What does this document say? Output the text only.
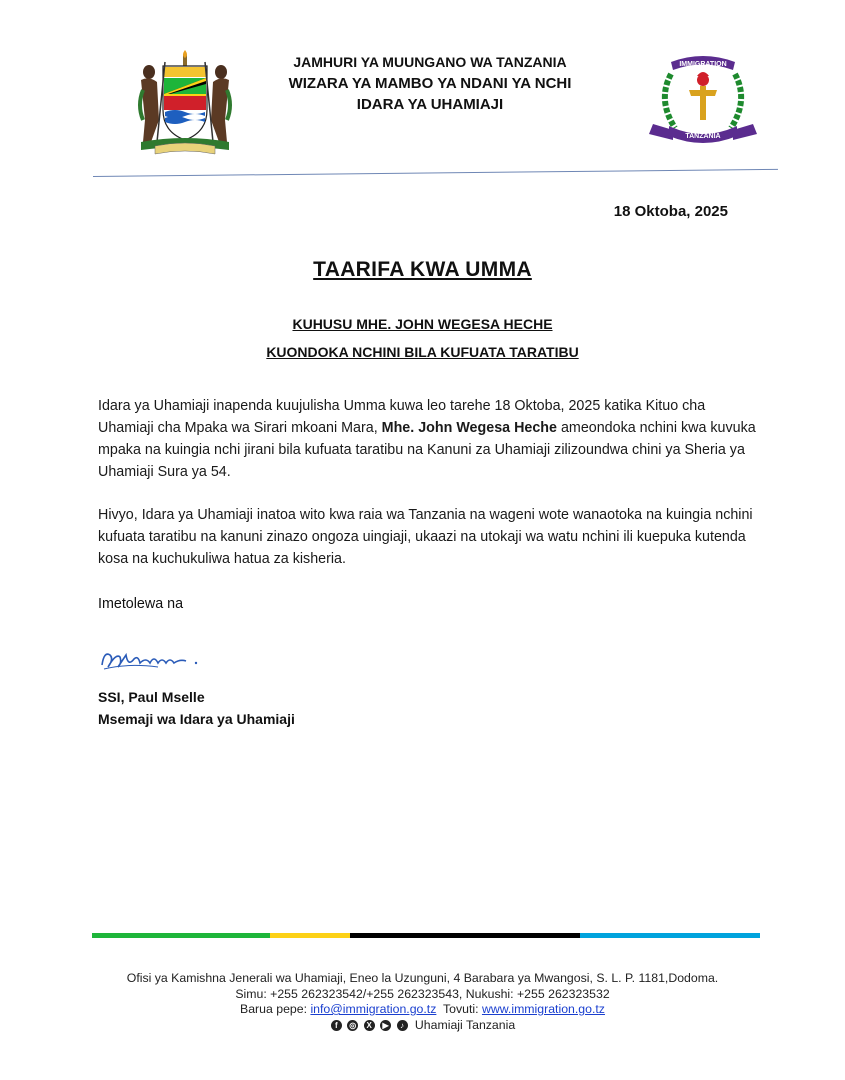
JAMHURI YA MUUNGANO WA TANZANIA
WIZARA YA MAMBO YA NDANI YA NCHI
IDARA YA UHAMIAJI
IMMIGRATION
TANZANIA
18 Oktoba, 2025
TAARIFA KWA UMMA
KUHUSU MHE. JOHN WEGESA HECHE
KUONDOKA NCHINI BILA KUFUATA TARATIBU
Idara ya Uhamiaji inapenda kuujulisha Umma kuwa leo tarehe 18 Oktoba, 2025 katika Kituo cha Uhamiaji cha Mpaka wa Sirari mkoani Mara, Mhe. John Wegesa Heche ameondoka nchini kwa kuvuka mpaka na kuingia nchi jirani bila kufuata taratibu na Kanuni za Uhamiaji zilizoundwa chini ya Sheria ya Uhamiaji Sura ya 54.
Hivyo, Idara ya Uhamiaji inatoa wito kwa raia wa Tanzania na wageni wote wanaotoka na kuingia nchini kufuata taratibu na kanuni zinazo ongoza uingiaji, ukaazi na utokaji wa watu nchini ili kuepuka kutenda kosa na kuchukuliwa hatua za kisheria.
Imetolewa na
SSI, Paul Mselle
Msemaji wa Idara ya Uhamiaji
Ofisi ya Kamishna Jenerali wa Uhamiaji, Eneo la Uzunguni, 4 Barabara ya Mwangosi, S. L. P. 1181,Dodoma.
Simu: +255 262323542/+255 262323543, Nukushi: +255 262323532
Barua pepe: info@immigration.go.tz  Tovuti: www.immigration.go.tz
f ◎ X ▶ ♪ Uhamiaji Tanzania
